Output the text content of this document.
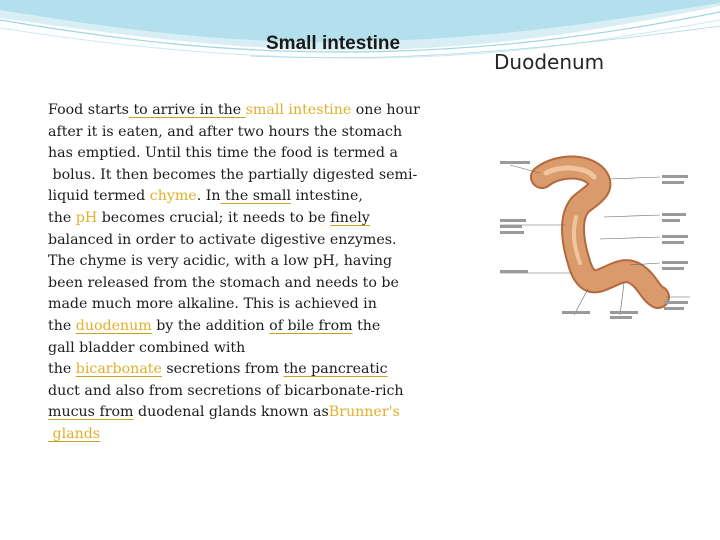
Small intestine
Duodenum
Food starts to arrive in the small intestine one hour
after it is eaten, and after two hours the stomach
has emptied. Until this time the food is termed a
bolus. It then becomes the partially digested semi-
liquid termed chyme. In the small intestine,
the pH becomes crucial; it needs to be finely
balanced in order to activate digestive enzymes.
The chyme is very acidic, with a low pH, having
been released from the stomach and needs to be
made much more alkaline. This is achieved in
the duodenum by the addition of bile from the
gall bladder combined with
the bicarbonate secretions from the pancreatic
duct and also from secretions of bicarbonate-rich
mucus from duodenal glands known asBrunner's
glands
